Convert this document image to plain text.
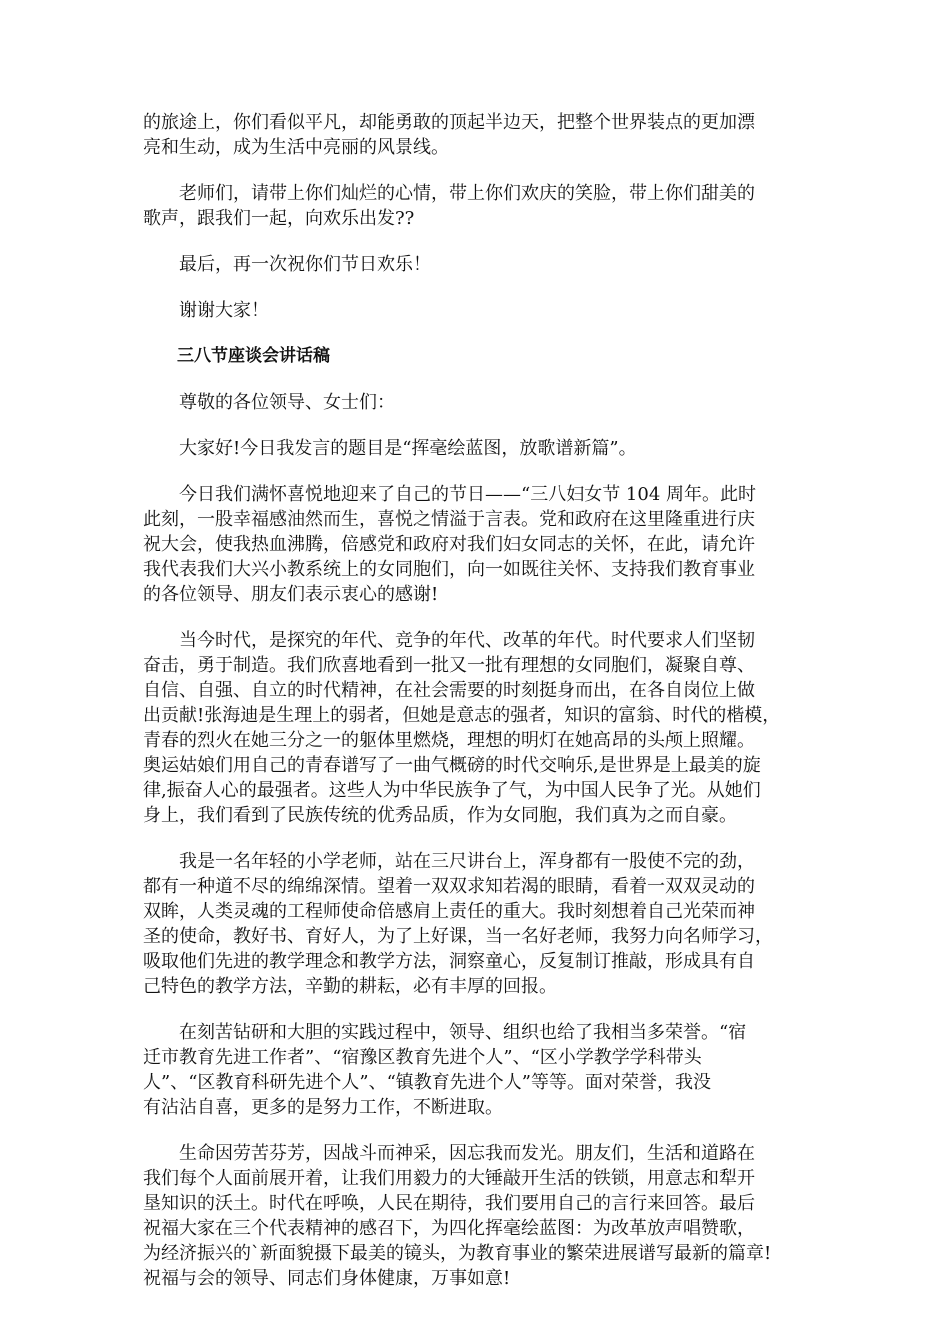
的旅途上，你们看似平凡，却能勇敢的顶起半边天，把整个世界装点的更加漂
亮和生动，成为生活中亮丽的风景线。

老师们，请带上你们灿烂的心情，带上你们欢庆的笑脸，带上你们甜美的
歌声，跟我们一起，向欢乐出发??

最后，再一次祝你们节日欢乐！

谢谢大家！

三八节座谈会讲话稿

尊敬的各位领导、女士们：

大家好!今日我发言的题目是“挥毫绘蓝图，放歌谱新篇”。

今日我们满怀喜悦地迎来了自己的节日——“三八妇女节 104 周年。此时
此刻，一股幸福感油然而生，喜悦之情溢于言表。党和政府在这里隆重进行庆
祝大会，使我热血沸腾，倍感党和政府对我们妇女同志的关怀，在此，请允许
我代表我们大兴小教系统上的女同胞们，向一如既往关怀、支持我们教育事业
的各位领导、朋友们表示衷心的感谢!

当今时代，是探究的年代、竞争的年代、改革的年代。时代要求人们坚韧
奋击，勇于制造。我们欣喜地看到一批又一批有理想的女同胞们，凝聚自尊、
自信、自强、自立的时代精神，在社会需要的时刻挺身而出，在各自岗位上做
出贡献!张海迪是生理上的弱者，但她是意志的强者，知识的富翁、时代的楷模，
青春的烈火在她三分之一的躯体里燃烧，理想的明灯在她高昂的头颅上照耀。
奥运姑娘们用自己的青春谱写了一曲气概磅的时代交响乐,是世界是上最美的旋
律,振奋人心的最强者。这些人为中华民族争了气，为中国人民争了光。从她们
身上，我们看到了民族传统的优秀品质，作为女同胞，我们真为之而自豪。

我是一名年轻的小学老师，站在三尺讲台上，浑身都有一股使不完的劲，
都有一种道不尽的绵绵深情。望着一双双求知若渴的眼睛，看着一双双灵动的
双眸，人类灵魂的工程师使命倍感肩上责任的重大。我时刻想着自己光荣而神
圣的使命，教好书、育好人，为了上好课，当一名好老师，我努力向名师学习，
吸取他们先进的教学理念和教学方法，洞察童心，反复制订推敲，形成具有自
己特色的教学方法，辛勤的耕耘，必有丰厚的回报。

在刻苦钻研和大胆的实践过程中，领导、组织也给了我相当多荣誉。“宿
迁市教育先进工作者”、“宿豫区教育先进个人”、“区小学教学学科带头
人”、“区教育科研先进个人”、“镇教育先进个人”等等。面对荣誉，我没
有沾沾自喜，更多的是努力工作，不断进取。

生命因劳苦芬芳，因战斗而神采，因忘我而发光。朋友们，生活和道路在
我们每个人面前展开着，让我们用毅力的大锤敲开生活的铁锁，用意志和犁开
垦知识的沃土。时代在呼唤，人民在期待，我们要用自己的言行来回答。最后
祝福大家在三个代表精神的感召下，为四化挥毫绘蓝图：为改革放声唱赞歌，
为经济振兴的`新面貌摄下最美的镜头，为教育事业的繁荣进展谱写最新的篇章!
祝福与会的领导、同志们身体健康，万事如意!
